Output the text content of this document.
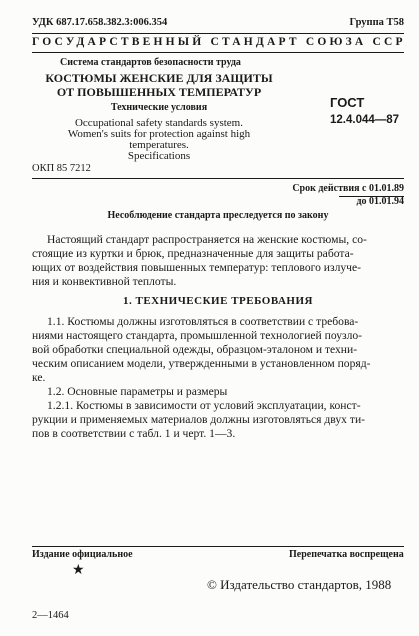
УДК 687.17.658.382.3:006.354	Группа Т58
ГОСУДАРСТВЕННЫЙ СТАНДАРТ СОЮЗА ССР
Система стандартов безопасности труда
КОСТЮМЫ ЖЕНСКИЕ ДЛЯ ЗАЩИТЫ
ОТ ПОВЫШЕННЫХ ТЕМПЕРАТУР
Технические условия
Occupational safety standards system.
Women's suits for protection against high
temperatures.
Specifications
ОКП 85 7212
ГОСТ
12.4.044—87
Срок действия с 01.01.89
до 01.01.94
Несоблюдение стандарта преследуется по закону
Настоящий стандарт распространяется на женские костюмы, со-
стоящие из куртки и брюк, предназначенные для защиты работа-
ющих от воздействия повышенных температур: теплового излуче-
ния и конвективной теплоты.
1. ТЕХНИЧЕСКИЕ ТРЕБОВАНИЯ
1.1. Костюмы должны изготовляться в соответствии с требова-
ниями настоящего стандарта, промышленной технологией поузло-
вой обработки специальной одежды, образцом-эталоном и техни-
ческим описанием модели, утвержденными в установленном поряд-
ке.
1.2. Основные параметры и размеры
1.2.1. Костюмы в зависимости от условий эксплуатации, конст-
рукции и применяемых материалов должны изготовляться двух ти-
пов в соответствии с табл. 1 и черт. 1—3.
Издание официальное	Перепечатка воспрещена
★
© Издательство стандартов, 1988
2—1464
